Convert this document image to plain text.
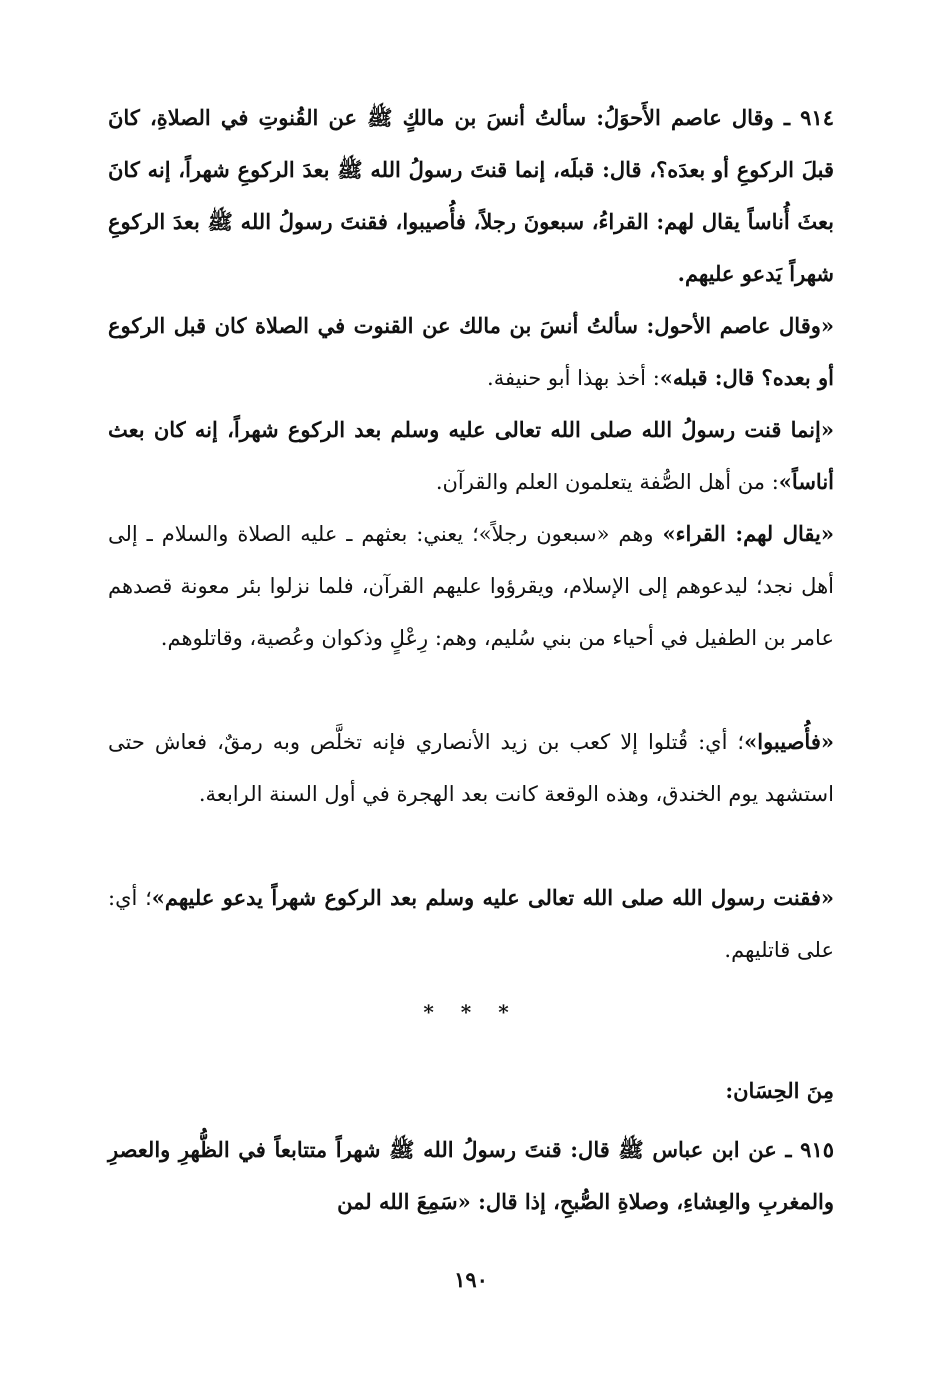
٩١٤ ـ وقال عاصم الأَحوَلُ: سألتُ أنسَ بن مالكٍ ﷺ عن القُنوتِ في الصلاةِ، كانَ قبلَ الركوعِ أو بعدَه؟، قال: قبلَه، إنما قنتَ رسولُ الله ﷺ بعدَ الركوعِ شهراً، إنه كانَ بعثَ أُناساً يقال لهم: القراءُ، سبعونَ رجلاً، فأُصيبوا، فقنتَ رسولُ الله ﷺ بعدَ الركوعِ شهراً يَدعو عليهم.

«وقال عاصم الأحول: سألتُ أنسَ بن مالك عن القنوت في الصلاة كان قبل الركوع أو بعده؟ قال: قبله»: أخذ بهذا أبو حنيفة.

«إنما قنت رسولُ الله صلى الله تعالى عليه وسلم بعد الركوع شهراً، إنه كان بعث أناساً»: من أهل الصُّفة يتعلمون العلم والقرآن.

«يقال لهم: القراء» وهم «سبعون رجلاً»؛ يعني: بعثهم ـ عليه الصلاة والسلام ـ إلى أهل نجد؛ ليدعوهم إلى الإسلام، ويقرؤوا عليهم القرآن، فلما نزلوا بئر معونة قصدهم عامر بن الطفيل في أحياء من بني سُليم، وهم: رِعْلٍ وذكوان وعُصية، وقاتلوهم.

«فأُصيبوا»؛ أي: قُتلوا إلا كعب بن زيد الأنصاري فإنه تخلَّص وبه رمقٌ، فعاش حتى استشهد يوم الخندق، وهذه الوقعة كانت بعد الهجرة في أول السنة الرابعة.

«فقنت رسول الله صلى الله تعالى عليه وسلم بعد الركوع شهراً يدعو عليهم»؛ أي: على قاتليهم.

* * *
مِنَ الحِسَان:

٩١٥ ـ عن ابن عباس ﷺ قال: قنتَ رسولُ الله ﷺ شهراً متتابعاً في الظُّهرِ والعصرِ والمغربِ والعِشاءِ، وصلاةِ الصُّبحِ، إذا قال: «سَمِعَ الله لمن

١٩٠
